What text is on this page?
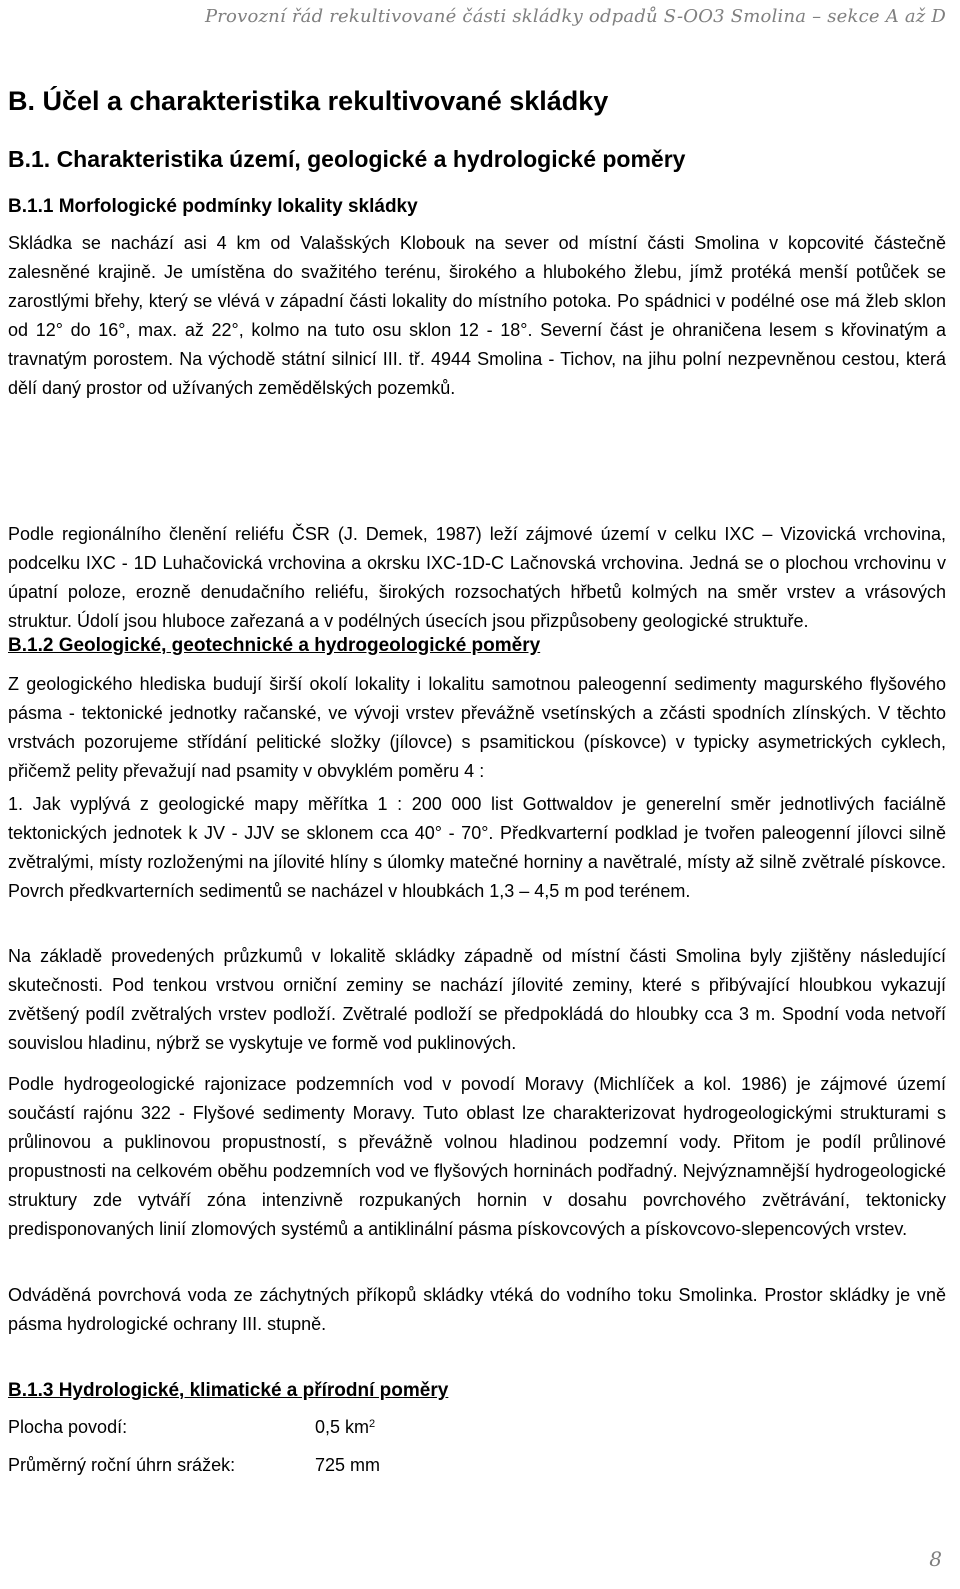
Provozní řád rekultivované části skládky odpadů S-OO3 Smolina – sekce A až D
B. Účel a charakteristika rekultivované skládky
B.1. Charakteristika území, geologické a hydrologické poměry
B.1.1 Morfologické podmínky lokality skládky
Skládka se nachází asi 4 km od Valašských Klobouk na sever od místní části Smolina v kopcovité částečně zalesněné krajině. Je umístěna do svažitého terénu, širokého a hlubokého žlebu, jímž protéká menší potůček se zarostlými břehy, který se vlévá v západní části lokality do místního potoka. Po spádnici v podélné ose má žleb sklon od 12° do 16°, max. až 22°, kolmo na tuto osu sklon 12 - 18°. Severní část je ohraničena lesem s křovinatým a travnatým porostem. Na východě státní silnicí III. tř. 4944 Smolina - Tichov, na jihu polní nezpevněnou cestou, která dělí daný prostor od užívaných zemědělských pozemků.
Podle regionálního členění reliéfu ČSR (J. Demek, 1987) leží zájmové území v celku IXC – Vizovická vrchovina, podcelku IXC - 1D Luhačovická vrchovina a okrsku IXC-1D-C Lačnovská vrchovina. Jedná se o plochou vrchovinu v úpatní poloze, erozně denudačního reliéfu, širokých rozsochatých hřbetů kolmých na směr vrstev a vrásových struktur. Údolí jsou hluboce zařezaná a v podélných úsecích jsou přizpůsobeny geologické struktuře.
B.1.2 Geologické, geotechnické a hydrogeologické poměry
Z geologického hlediska budují širší okolí lokality i lokalitu samotnou paleogenní sedimenty magurského flyšového pásma - tektonické jednotky račanské, ve vývoji vrstev převážně vsetínských a zčásti spodních zlínských. V těchto vrstvách pozorujeme střídání pelitické složky (jílovce) s psamitickou (pískovce) v typicky asymetrických cyklech, přičemž pelity převažují nad psamity v obvyklém poměru 4 :
1. Jak vyplývá z geologické mapy měřítka 1 : 200 000 list Gottwaldov je generelní směr jednotlivých faciálně tektonických jednotek k JV - JJV se sklonem cca 40° - 70°. Předkvarterní podklad je tvořen paleogenní jílovci silně zvětralými, místy rozloženými na jílovité hlíny s úlomky matečné horniny a navětralé, místy až silně zvětralé pískovce. Povrch předkvarterních sedimentů se nacházel v hloubkách 1,3 – 4,5 m pod terénem.
Na základě provedených průzkumů v lokalitě skládky západně od místní části Smolina byly zjištěny následující skutečnosti. Pod tenkou vrstvou orniční zeminy se nachází jílovité zeminy, které s přibývající hloubkou vykazují zvětšený podíl zvětralých vrstev podloží. Zvětralé podloží se předpokládá do hloubky cca 3 m. Spodní voda netvoří souvislou hladinu, nýbrž se vyskytuje ve formě vod puklinových.
Podle hydrogeologické rajonizace podzemních vod v povodí Moravy (Michlíček a kol. 1986) je zájmové území součástí rajónu 322 - Flyšové sedimenty Moravy. Tuto oblast lze charakterizovat hydrogeologickými strukturami s průlinovou a puklinovou propustností, s převážně volnou hladinou podzemní vody. Přitom je podíl průlinové propustnosti na celkovém oběhu podzemních vod ve flyšových horninách podřadný. Nejvýznamnější hydrogeologické struktury zde vytváří zóna intenzivně rozpukaných hornin v dosahu povrchového zvětrávání, tektonicky predisponovaných linií zlomových systémů a antiklinální pásma pískovcových a pískovcovo-slepencových vrstev.
Odváděná povrchová voda ze záchytných příkopů skládky vtéká do vodního toku Smolinka. Prostor skládky je vně pásma hydrologické ochrany III. stupně.
B.1.3 Hydrologické, klimatické a přírodní poměry
Plocha povodí:	0,5 $km^2$
Průměrný roční úhrn srážek:	725 mm
8
